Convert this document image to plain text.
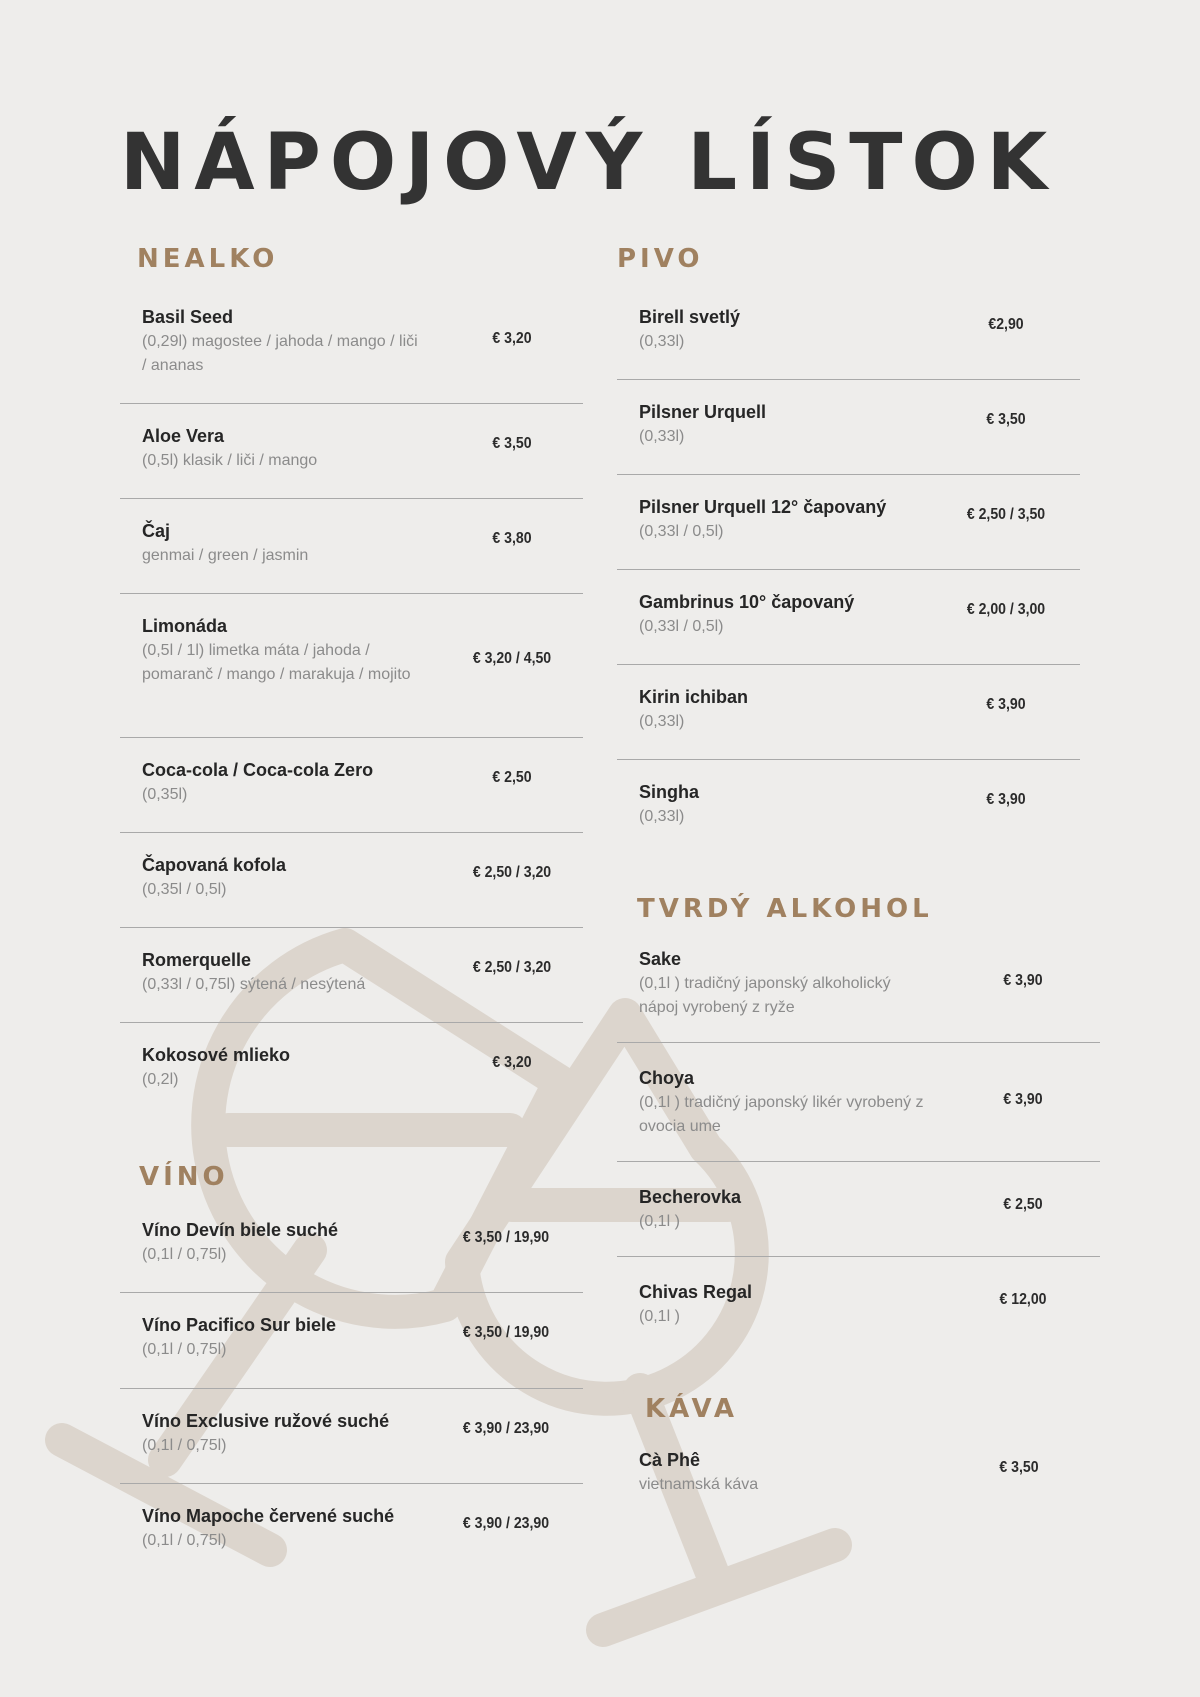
NÁPOJOVÝ LÍSTOK
NEALKO
Basil Seed
(0,29l) magostee / jahoda / mango / liči / ananas
€ 3,20
Aloe Vera
(0,5l) klasik / liči / mango
€ 3,50
Čaj
genmai / green / jasmin
€ 3,80
Limonáda
(0,5l / 1l) limetka máta / jahoda / pomaranč / mango / marakuja / mojito
€ 3,20 / 4,50
Coca-cola / Coca-cola Zero
(0,35l)
€ 2,50
Čapovaná kofola
(0,35l / 0,5l)
€ 2,50 / 3,20
Romerquelle
(0,33l / 0,75l) sýtená / nesýtená
€ 2,50 / 3,20
Kokosové mlieko
(0,2l)
€ 3,20
VÍNO
Víno Devín biele suché
(0,1l / 0,75l)
€ 3,50 / 19,90
Víno Pacifico Sur biele
(0,1l / 0,75l)
€ 3,50 / 19,90
Víno Exclusive ružové suché
(0,1l / 0,75l)
€ 3,90 / 23,90
Víno Mapoche červené suché
(0,1l / 0,75l)
€ 3,90 / 23,90
PIVO
Birell svetlý
(0,33l)
€2,90
Pilsner Urquell
(0,33l)
€ 3,50
Pilsner Urquell 12° čapovaný
(0,33l / 0,5l)
€ 2,50 / 3,50
Gambrinus 10° čapovaný
(0,33l / 0,5l)
€ 2,00 / 3,00
Kirin ichiban
(0,33l)
€ 3,90
Singha
(0,33l)
€ 3,90
TVRDÝ ALKOHOL
Sake
(0,1l ) tradičný japonský alkoholický nápoj vyrobený z ryže
€ 3,90
Choya
(0,1l ) tradičný japonský likér vyrobený z ovocia ume
€ 3,90
Becherovka
(0,1l )
€ 2,50
Chivas Regal
(0,1l )
€ 12,00
KÁVA
Cà Phê
vietnamská káva
€ 3,50
